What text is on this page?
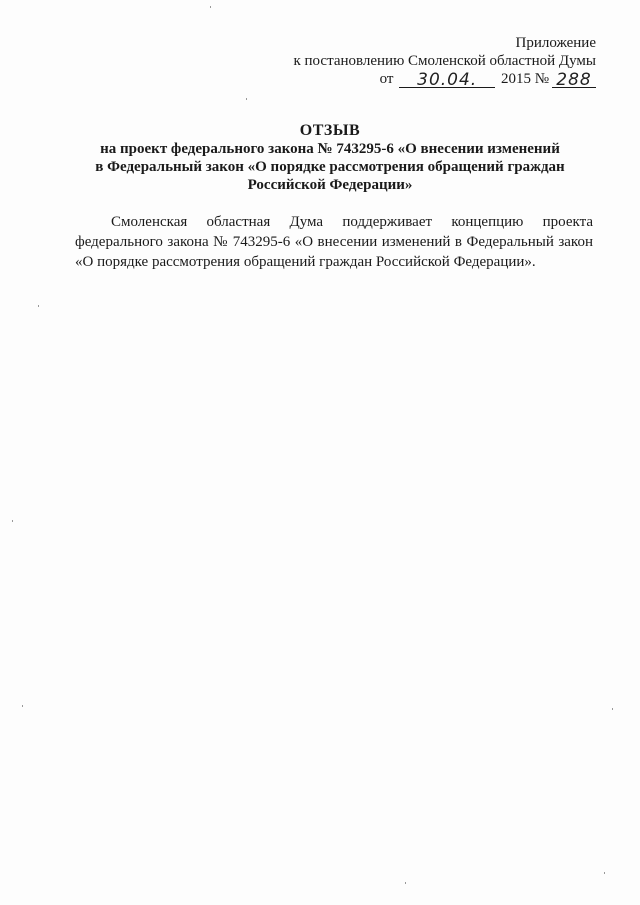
Приложение
к постановлению Смоленской областной Думы
от 30.04. 2015 № 288
ОТЗЫВ
на проект федерального закона № 743295-6 «О внесении изменений
в Федеральный закон «О порядке рассмотрения обращений граждан
Российской Федерации»
Смоленская областная Дума поддерживает концепцию проекта
федерального закона № 743295-6 «О внесении изменений в Федеральный закон
«О порядке рассмотрения обращений граждан Российской Федерации».
